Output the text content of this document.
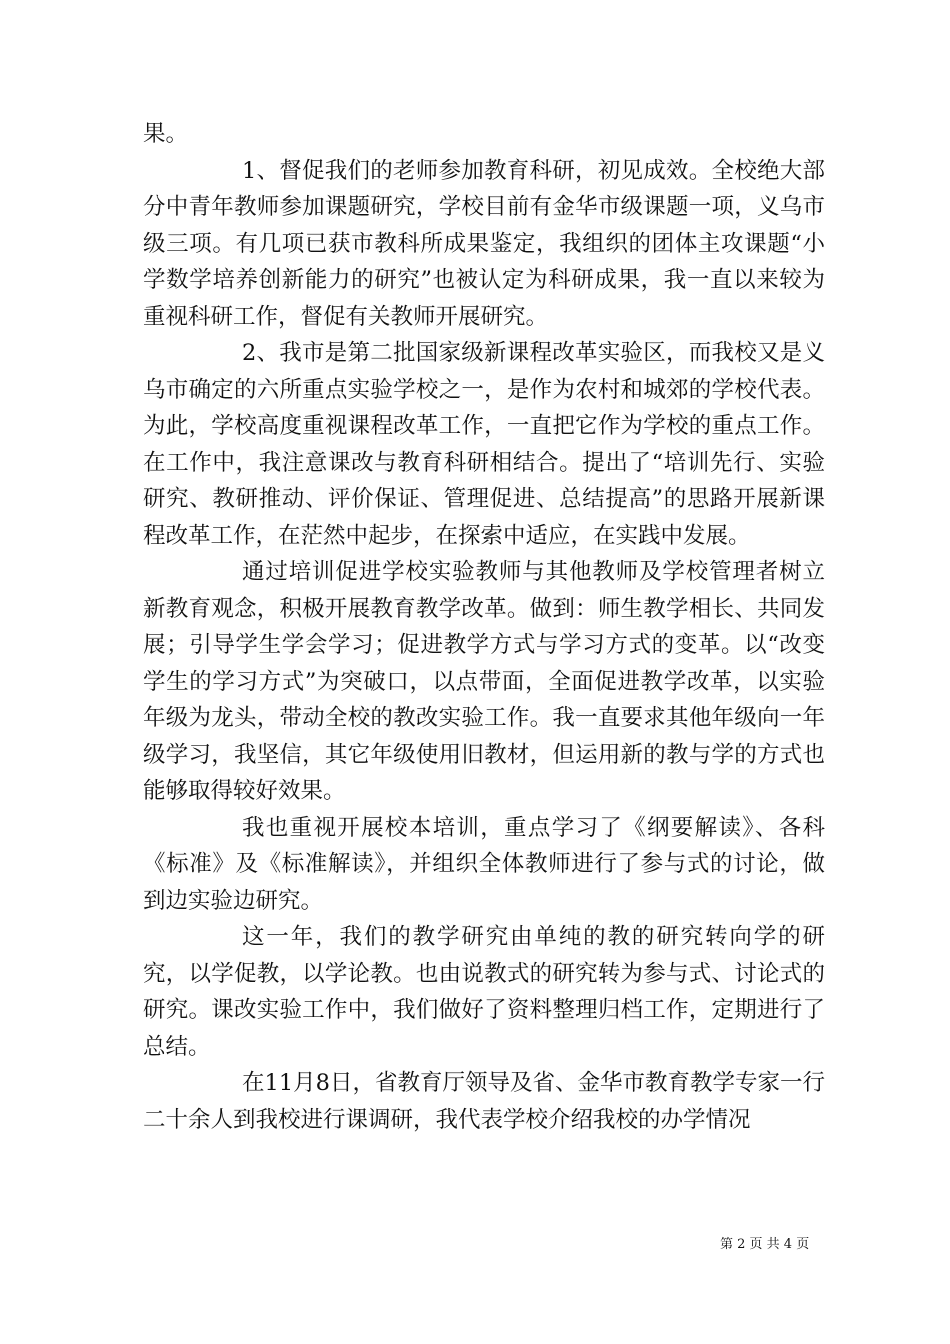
果。

1、督促我们的老师参加教育科研，初见成效。全校绝大部分中青年教师参加课题研究，学校目前有金华市级课题一项，义乌市级三项。有几项已获市教科所成果鉴定，我组织的团体主攻课题“小学数学培养创新能力的研究”也被认定为科研成果，我一直以来较为重视科研工作，督促有关教师开展研究。

2、我市是第二批国家级新课程改革实验区，而我校又是义乌市确定的六所重点实验学校之一，是作为农村和城郊的学校代表。为此，学校高度重视课程改革工作，一直把它作为学校的重点工作。在工作中，我注意课改与教育科研相结合。提出了“培训先行、实验研究、教研推动、评价保证、管理促进、总结提高”的思路开展新课程改革工作，在茫然中起步，在探索中适应，在实践中发展。

通过培训促进学校实验教师与其他教师及学校管理者树立新教育观念，积极开展教育教学改革。做到：师生教学相长、共同发展；引导学生学会学习；促进教学方式与学习方式的变革。以“改变学生的学习方式”为突破口，以点带面，全面促进教学改革，以实验年级为龙头，带动全校的教改实验工作。我一直要求其他年级向一年级学习，我坚信，其它年级使用旧教材，但运用新的教与学的方式也能够取得较好效果。

我也重视开展校本培训，重点学习了《纲要解读》、各科《标准》及《标准解读》，并组织全体教师进行了参与式的讨论，做到边实验边研究。

这一年，我们的教学研究由单纯的教的研究转向学的研究，以学促教，以学论教。也由说教式的研究转为参与式、讨论式的研究。课改实验工作中，我们做好了资料整理归档工作，定期进行了总结。

在11月8日，省教育厅领导及省、金华市教育教学专家一行二十余人到我校进行课调研，我代表学校介绍我校的办学情况

第 2 页 共 4 页
